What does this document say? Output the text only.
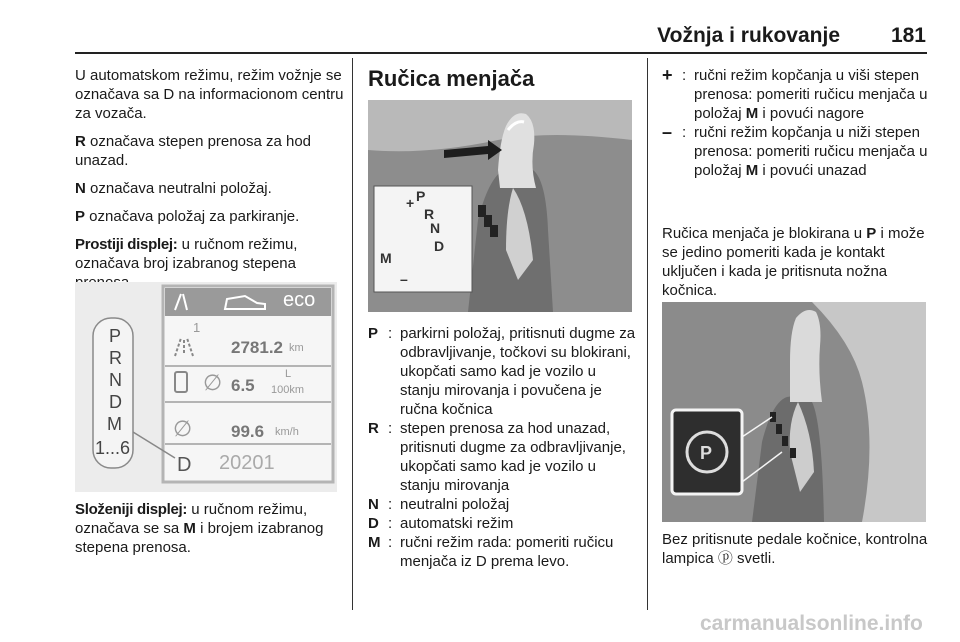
Vožnja i rukovanje	181

U automatskom režimu, režim vožnje se označava sa D na informacionom centru za vozača.

R označava stepen prenosa za hod unazad.

N označava neutralni položaj.

P označava položaj za parkiranje.

Prostiji displej: u ručnom režimu, označava broj izabranog stepena

P
R
N
D
M
1...6
eco
1
2781.2 km
∅ 6.5
L
100km
∅ 99.6 km/h
D 20201

Složeniji displej: u ručnom režimu, označava se sa M i brojem izabranog stepena prenosa.

Ručica menjača
+
–
P
R
N
D
M
P : parkirni položaj, pritisnuti dugme za odbravljivanje, točkovi su blokirani, ukopčati samo kad je vozilo u stanju mirovanja i povučena je ručna kočnica
R : stepen prenosa za hod unazad, pritisnuti dugme za odbravljivanje, ukopčati samo kad je vozilo u stanju mirovanja
N : neutralni položaj
D : automatski režim
M : ručni režim rada: pomeriti ručicu menjača iz D prema levo.
+ : ručni režim kopčanja u viši stepen prenosa: pomeriti ručicu menjača u položaj M i povući nagore
– : ručni režim kopčanja u niži stepen prenosa: pomeriti ručicu menjača u položaj M i povući unazad

Ručica menjača je blokirana u P i može se jedino pomeriti kada je kontakt uključen i kada je pritisnuta nožna kočnica.

P

Bez pritisnute pedale kočnice, kontrolna lampica ⓟ svetli.

carmanualsonline.info
